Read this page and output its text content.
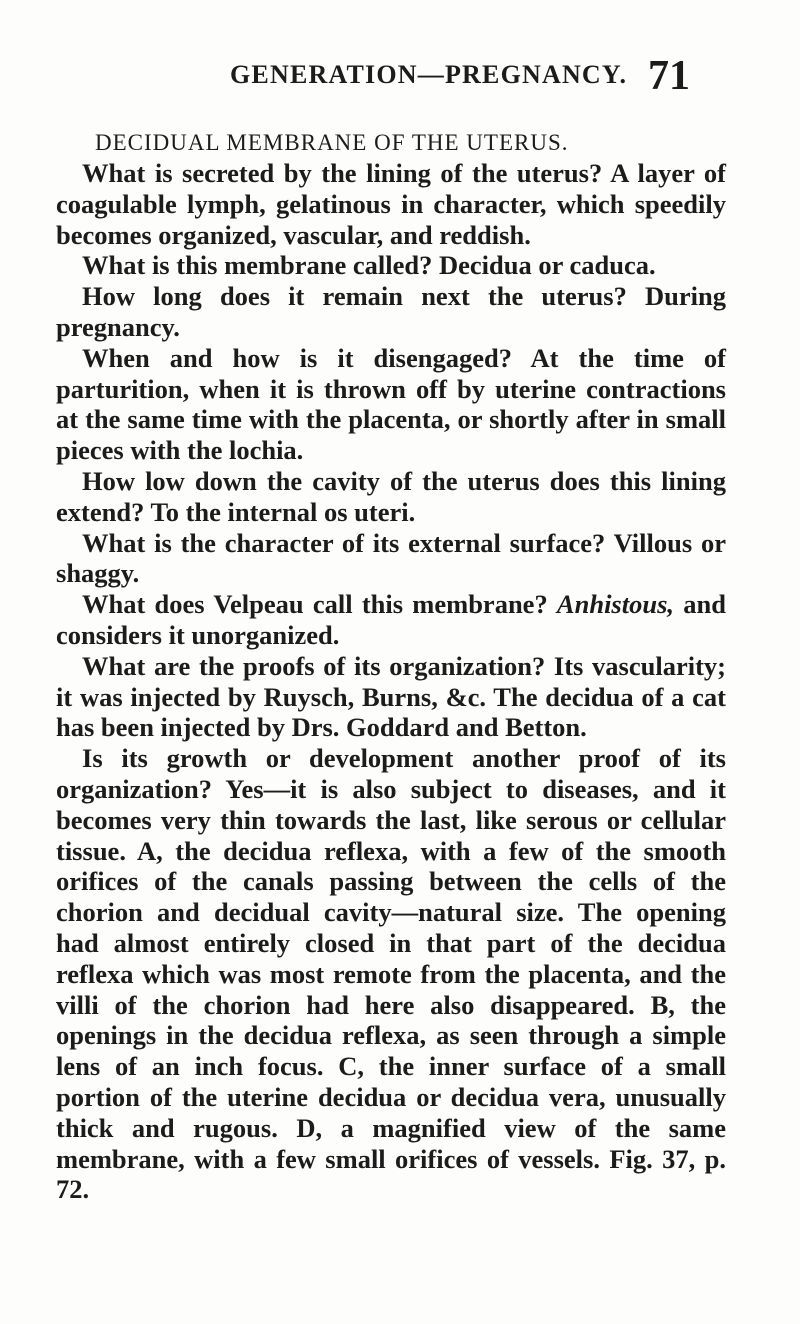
GENERATION—PREGNANCY. 71
DECIDUAL MEMBRANE OF THE UTERUS.

What is secreted by the lining of the uterus? A layer of coagulable lymph, gelatinous in character, which speedily becomes organized, vascular, and reddish.

What is this membrane called? Decidua or caduca.

How long does it remain next the uterus? During pregnancy.

When and how is it disengaged? At the time of parturition, when it is thrown off by uterine contractions at the same time with the placenta, or shortly after in small pieces with the lochia.

How low down the cavity of the uterus does this lining extend? To the internal os uteri.

What is the character of its external surface? Villous or shaggy.

What does Velpeau call this membrane? Anhistous, and considers it unorganized.

What are the proofs of its organization? Its vascularity; it was injected by Ruysch, Burns, &c. The decidua of a cat has been injected by Drs. Goddard and Betton.

Is its growth or development another proof of its organization? Yes—it is also subject to diseases, and it becomes very thin towards the last, like serous or cellular tissue. A, the decidua reflexa, with a few of the smooth orifices of the canals passing between the cells of the chorion and decidual cavity—natural size. The opening had almost entirely closed in that part of the decidua reflexa which was most remote from the placenta, and the villi of the chorion had here also disappeared. B, the openings in the decidua reflexa, as seen through a simple lens of an inch focus. C, the inner surface of a small portion of the uterine decidua or decidua vera, unusually thick and rugous. D, a magnified view of the same membrane, with a few small orifices of vessels. Fig. 37, p. 72.
